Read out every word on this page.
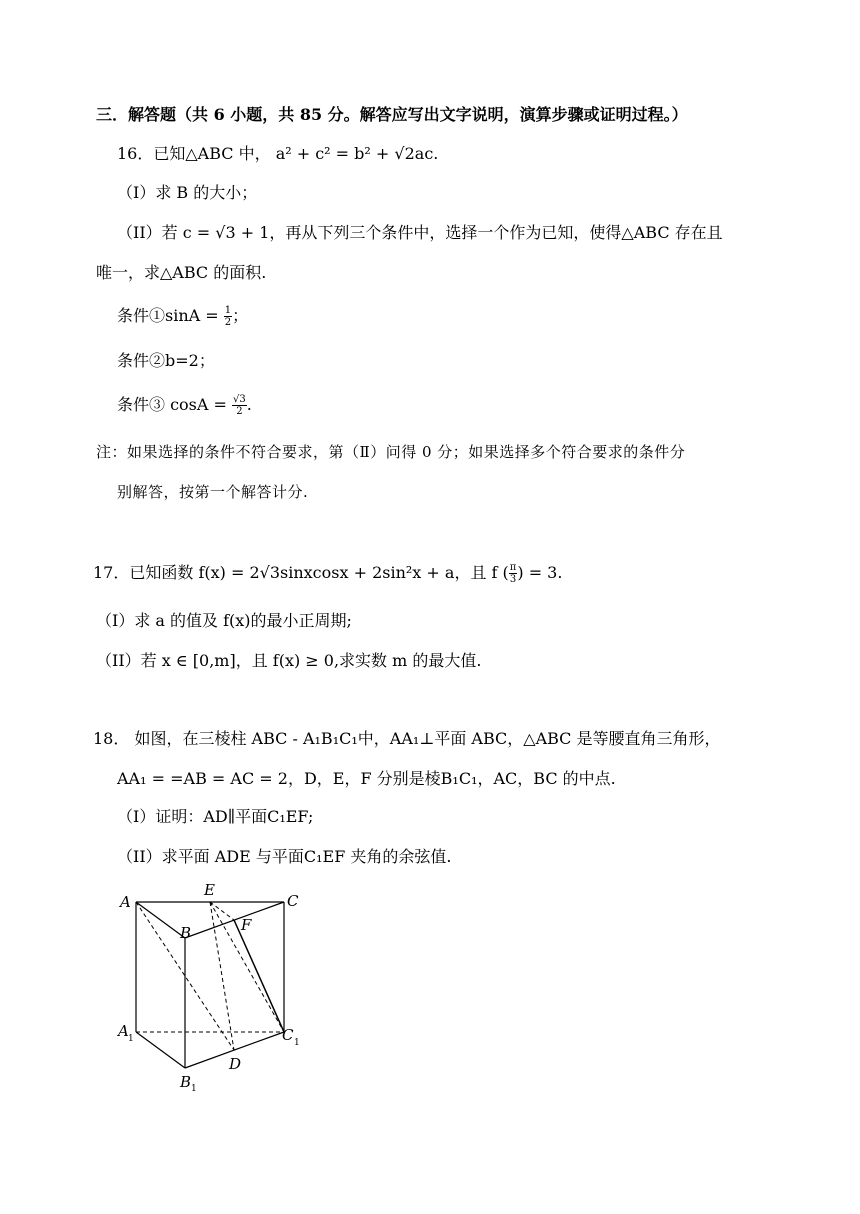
三．解答题（共 6 小题，共 85 分。解答应写出文字说明，演算步骤或证明过程。）
16．已知△ABC 中， a² + c² = b² + √2ac.
（I）求 B 的大小；
（II）若 c = √3 + 1，再从下列三个条件中，选择一个作为已知，使得△ABC 存在且
唯一，求△ABC 的面积.
条件①sinA = $\frac{1}{2}$ ；
条件②b=2；
条件③ $\cos A = \frac{√3}{2}$ .
注：如果选择的条件不符合要求，第（Ⅱ）问得 0 分；如果选择多个符合要求的条件分
别解答，按第一个解答计分.
17．已知函数 f(x) = 2√3sinxcosx + 2sin²x + a，且 f ( $\frac{\pi}{3}$ ) = 3.
（I）求 a 的值及 f(x)的最小正周期;
（II）若 x ∈ [0,m]，且 f(x) ≥ 0,求实数 m 的最大值.
18． 如图，在三棱柱 ABC - A₁B₁C₁中，AA₁⊥平面 ABC，△ABC 是等腰直角三角形，
AA₁ = =AB = AC = 2，D，E，F 分别是棱B₁C₁，AC，BC 的中点.
（I）证明：AD∥平面C₁EF;
（II）求平面 ADE 与平面C₁EF 夹角的余弦值.
A
E
C
B	F
A 1	C 1
D
B 1
